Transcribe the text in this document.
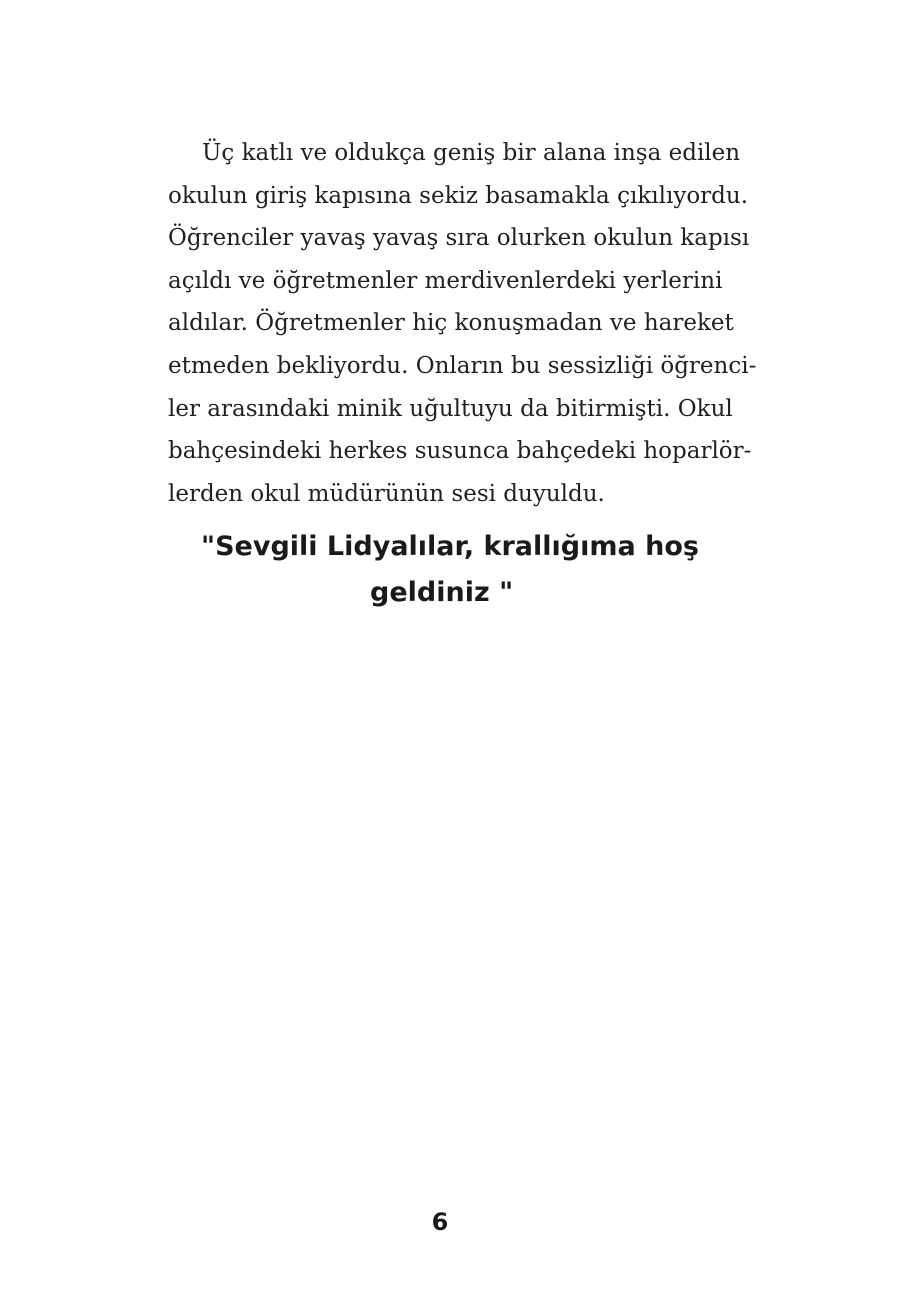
Üç katlı ve oldukça geniş bir alana inşa edilen
okulun giriş kapısına sekiz basamakla çıkılıyordu.
Öğrenciler yavaş yavaş sıra olurken okulun kapısı
açıldı ve öğretmenler merdivenlerdeki yerlerini
aldılar. Öğretmenler hiç konuşmadan ve hareket
etmeden bekliyordu. Onların bu sessizliği öğrenci-
ler arasındaki minik uğultuyu da bitirmişti. Okul
bahçesindeki herkes susunca bahçedeki hoparlör-
lerden okul müdürünün sesi duyuldu.
"Sevgili Lidyalılar, krallığıma hoş
geldiniz "
6
